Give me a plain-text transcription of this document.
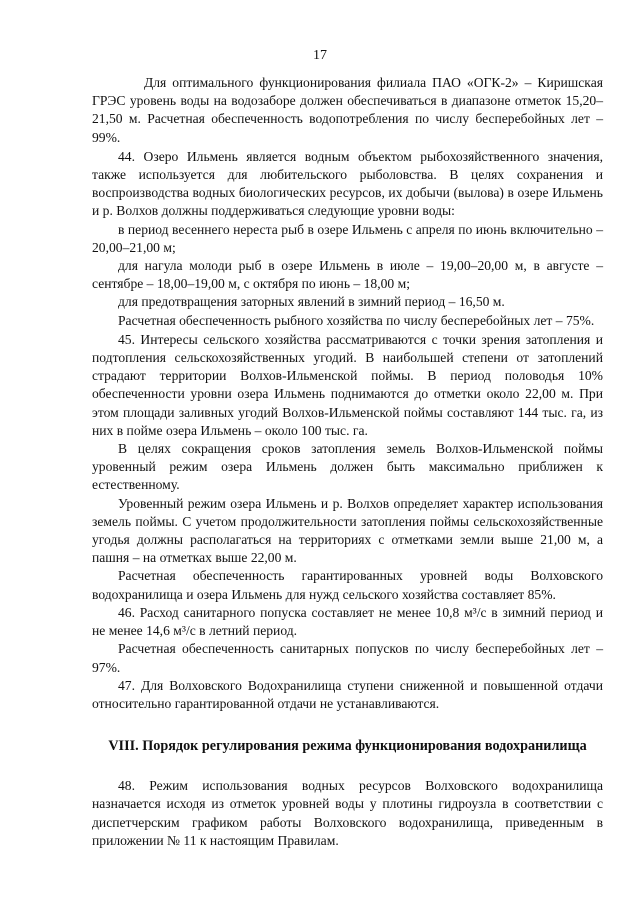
17

Для оптимального функционирования филиала ПАО «ОГК-2» – Киришская ГРЭС уровень воды на водозаборе должен обеспечиваться в диапазоне отметок 15,20–21,50 м. Расчетная обеспеченность водопотребления по числу бесперебойных лет – 99%.

44. Озеро Ильмень является водным объектом рыбохозяйственного значения, также используется для любительского рыболовства. В целях сохранения и воспроизводства водных биологических ресурсов, их добычи (вылова) в озере Ильмень и р. Волхов должны поддерживаться следующие уровни воды:

в период весеннего нереста рыб в озере Ильмень с апреля по июнь включительно – 20,00–21,00 м;

для нагула молоди рыб в озере Ильмень в июле – 19,00–20,00 м, в августе – сентябре – 18,00–19,00 м, с октября по июнь – 18,00 м;

для предотвращения заторных явлений в зимний период – 16,50 м.

Расчетная обеспеченность рыбного хозяйства по числу бесперебойных лет – 75%.

45. Интересы сельского хозяйства рассматриваются с точки зрения затопления и подтопления сельскохозяйственных угодий. В наибольшей степени от затоплений страдают территории Волхов-Ильменской поймы. В период половодья 10% обеспеченности уровни озера Ильмень поднимаются до отметки около 22,00 м. При этом площади заливных угодий Волхов-Ильменской поймы составляют 144 тыс. га, из них в пойме озера Ильмень – около 100 тыс. га.

В целях сокращения сроков затопления земель Волхов-Ильменской поймы уровенный режим озера Ильмень должен быть максимально приближен к естественному.

Уровенный режим озера Ильмень и р. Волхов определяет характер использования земель поймы. С учетом продолжительности затопления поймы сельскохозяйственные угодья должны располагаться на территориях с отметками земли выше 21,00 м, а пашня – на отметках выше 22,00 м.

Расчетная обеспеченность гарантированных уровней воды Волховского водохранилища и озера Ильмень для нужд сельского хозяйства составляет 85%.

46. Расход санитарного попуска составляет не менее 10,8 м³/с в зимний период и не менее 14,6 м³/с в летний период.

Расчетная обеспеченность санитарных попусков по числу бесперебойных лет – 97%.

47. Для Волховского Водохранилища ступени сниженной и повышенной отдачи относительно гарантированной отдачи не устанавливаются.

VIII. Порядок регулирования режима функционирования водохранилища

48. Режим использования водных ресурсов Волховского водохранилища назначается исходя из отметок уровней воды у плотины гидроузла в соответствии с диспетчерским графиком работы Волховского водохранилища, приведенным в приложении № 11 к настоящим Правилам.
